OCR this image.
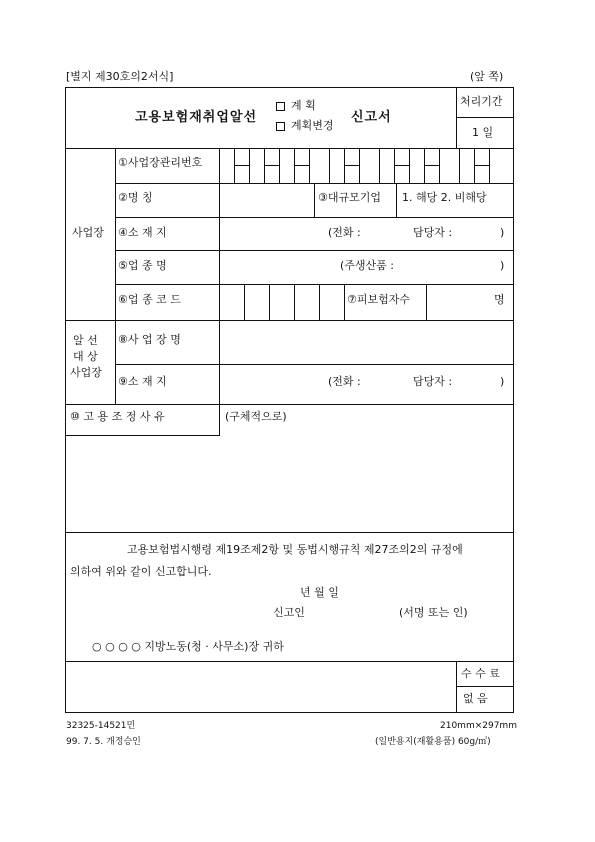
[별지 제30호의2서식]	(앞 쪽)
고용보험재취업알선
계 획
계획변경
신고서
처리기간
1 일
사업장
①사업장관리번호
②명 칭	③대규모기업 1. 해당 2. 비해당
④소 재 지	(전화 :	담당자 :	)
⑤업 종 명	(주생산품 :	)
⑥업 종 코 드	⑦피보험자수	명
알 선
대 상
사업장
⑧사 업 장 명
⑨소 재 지	(전화 :	담당자 :	)
⑩ 고 용 조 정 사 유	(구체적으로)
고용보험법시행령 제19조제2항 및 동법시행규칙 제27조의2의 규정에
의하여 위와 같이 신고합니다.
년 월 일
신고인	(서명 또는 인)
○ ○ ○ ○ 지방노동(청 · 사무소)장 귀하
수 수 료
없 음
32325-14521민
99. 7. 5. 개정승인
210mm×297mm
(일반용지(재활용품) 60g/㎡)
